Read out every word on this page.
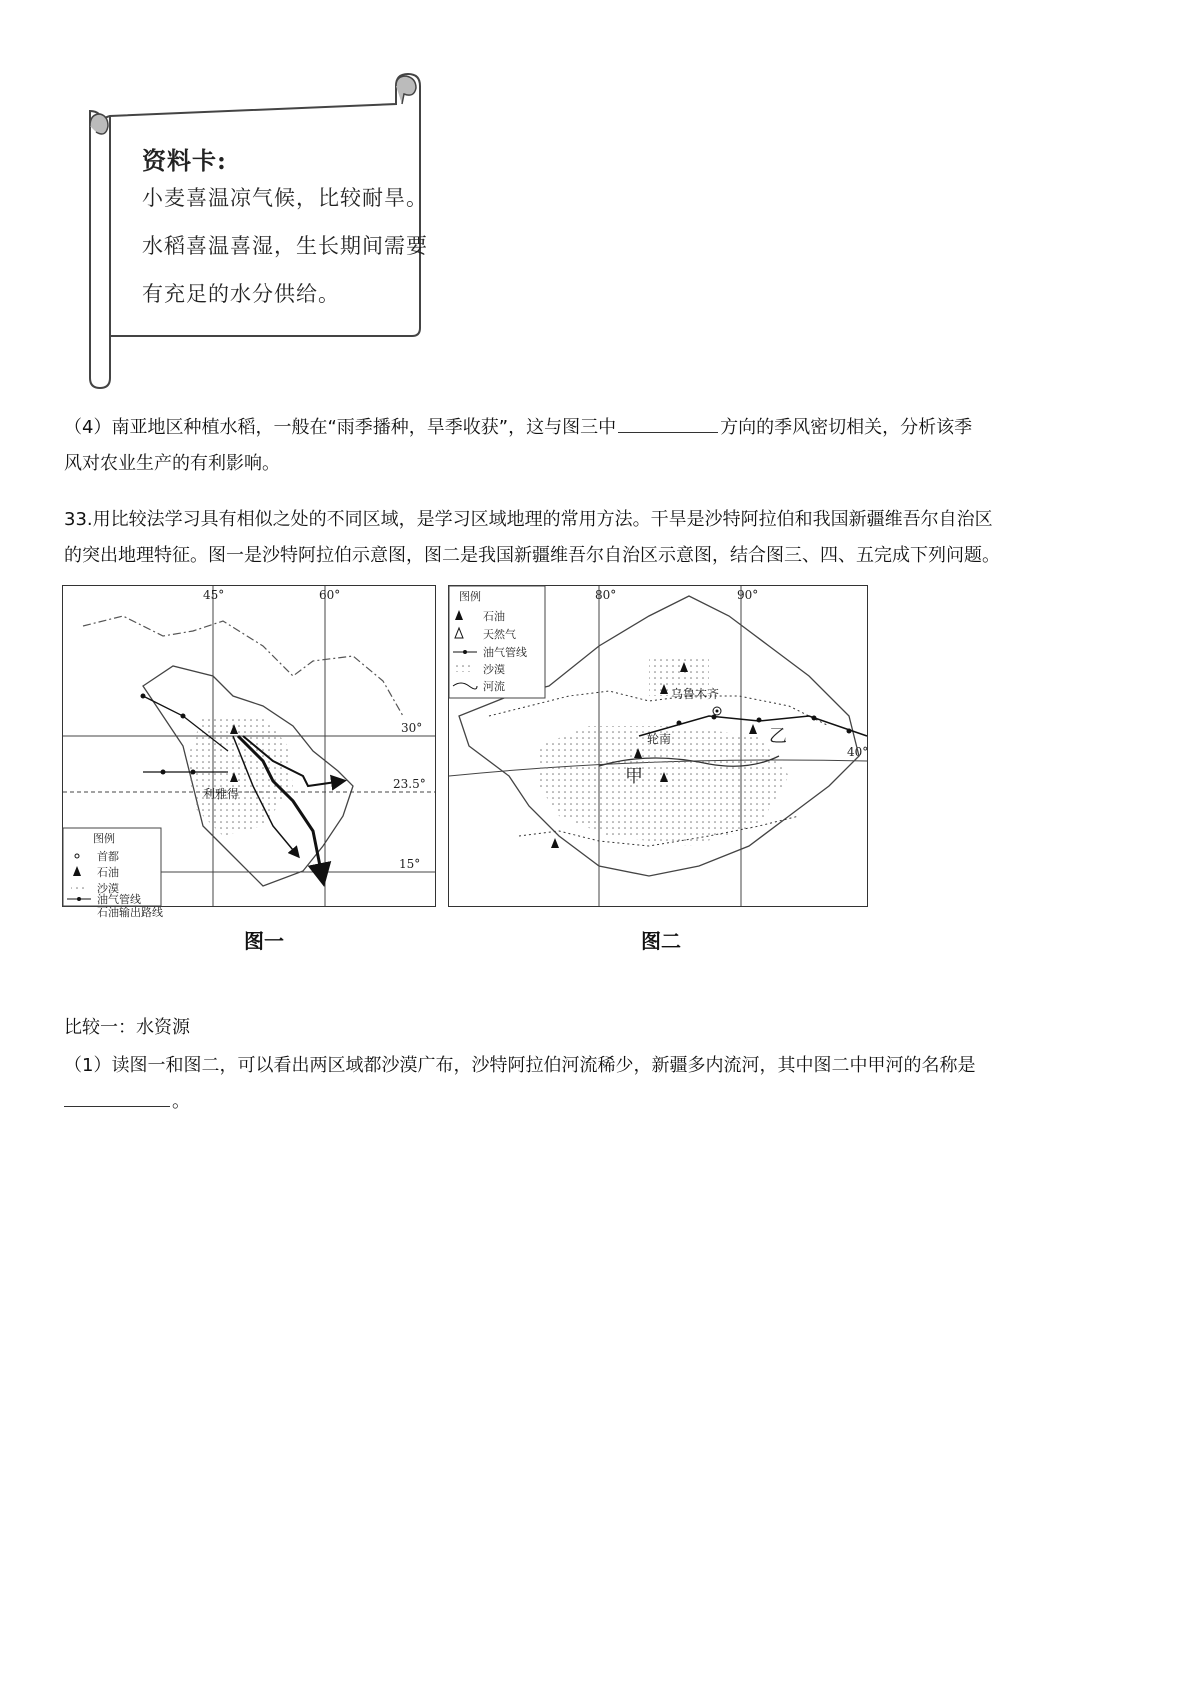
资料卡:
小麦喜温凉气候，比较耐旱。
水稻喜温喜湿，生长期间需要
有充足的水分供给。

（4）南亚地区种植水稻，一般在“雨季播种，旱季收获”，这与图三中	方向的季风密切相关，分析该季
风对农业生产的有利影响。

33.用比较法学习具有相似之处的不同区域，是学习区域地理的常用方法。干旱是沙特阿拉伯和我国新疆维吾尔自治区
的突出地理特征。图一是沙特阿拉伯示意图，图二是我国新疆维吾尔自治区示意图，结合图三、四、五完成下列问题。

45°	60°
30°
23.5°
15°
利雅得
图例
首都
石油
沙漠
油气管线
石油输出路线
图一
80°	90°
40°
乌鲁木齐
轮南
甲
乙
图例
石油
天然气
油气管线
沙漠
河流
图二

比较一：水资源

（1）读图一和图二，可以看出两区域都沙漠广布，沙特阿拉伯河流稀少，新疆多内流河，其中图二中甲河的名称是
。
